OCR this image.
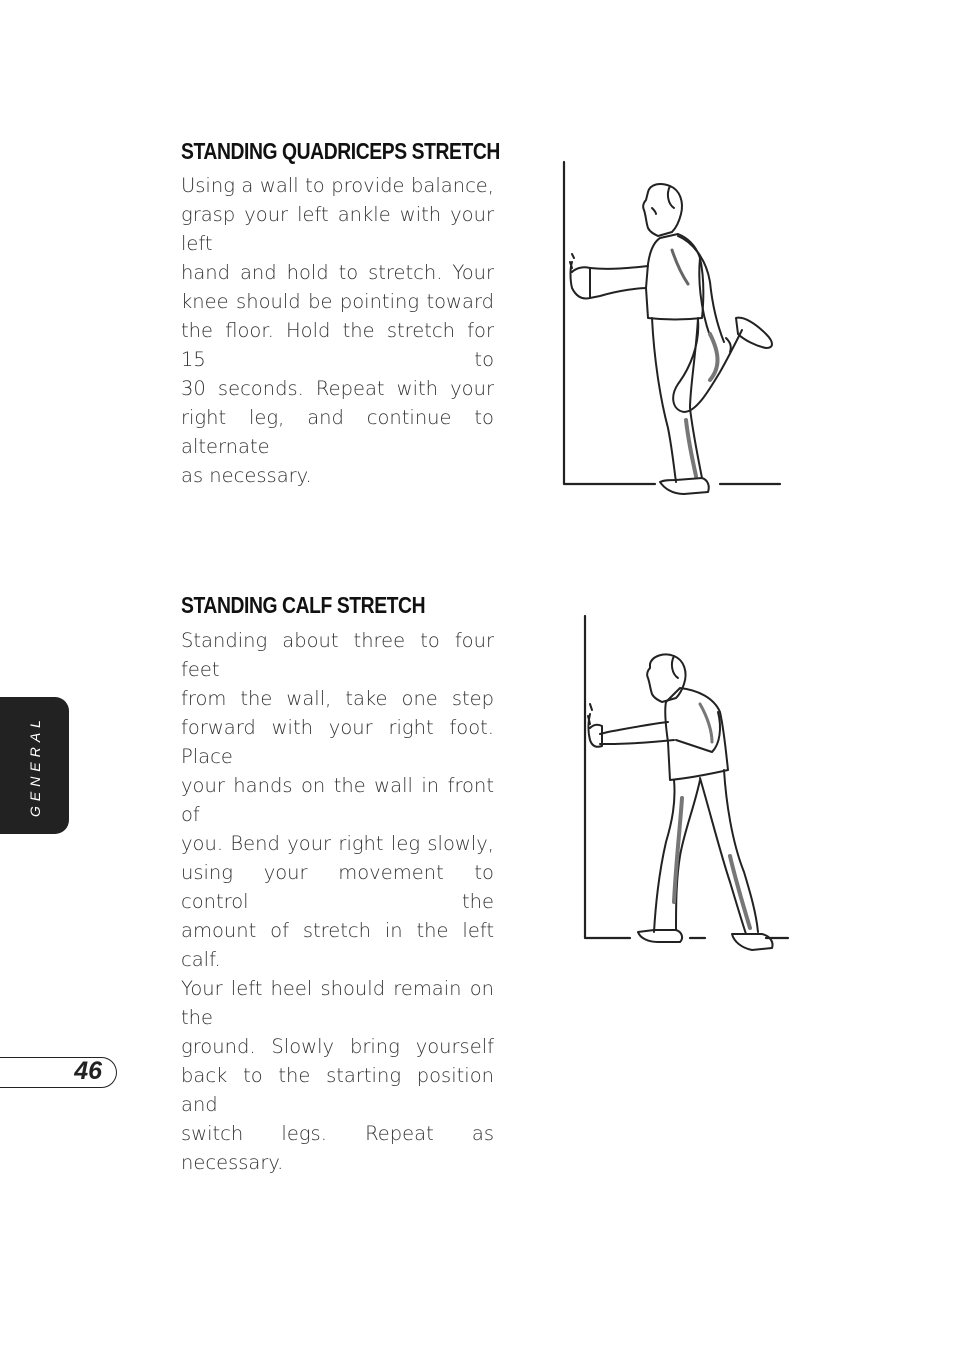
STANDING QUADRICEPS STRETCH
Using a wall to provide balance,
grasp your left ankle with your left
hand and hold to stretch. Your
knee should be pointing toward
the floor. Hold the stretch for 15 to
30 seconds. Repeat with your
right leg, and continue to alternate
as necessary.
STANDING CALF STRETCH
Standing about three to four feet
from the wall, take one step
forward with your right foot. Place
your hands on the wall in front of
you. Bend your right leg slowly,
using your movement to control the
amount of stretch in the left calf.
Your left heel should remain on the
ground. Slowly bring yourself
back to the starting position and
switch legs. Repeat as necessary.
GENERAL
46
